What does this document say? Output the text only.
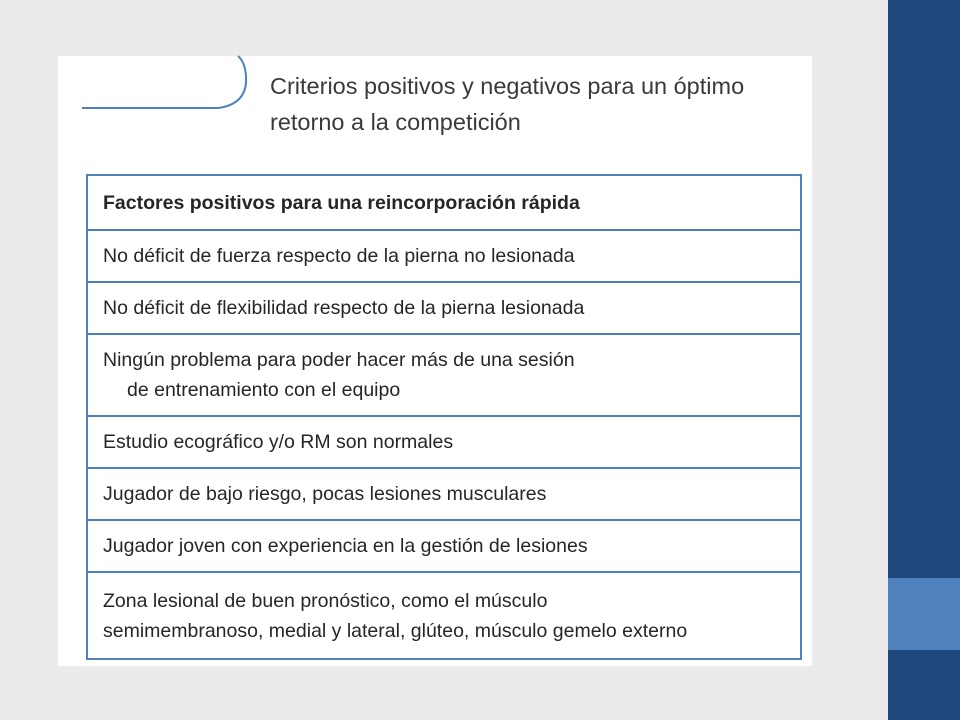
Criterios positivos y negativos para un óptimo
retorno a la competición
Factores positivos para una reincorporación rápida
No déficit de fuerza respecto de la pierna no lesionada
No déficit de flexibilidad respecto de la pierna lesionada
Ningún problema para poder hacer más de una sesión
de entrenamiento con el equipo
Estudio ecográfico y/o RM son normales
Jugador de bajo riesgo, pocas lesiones musculares
Jugador joven con experiencia en la gestión de lesiones
Zona lesional de buen pronóstico, como el músculo
semimembranoso, medial y lateral, glúteo, músculo gemelo externo
